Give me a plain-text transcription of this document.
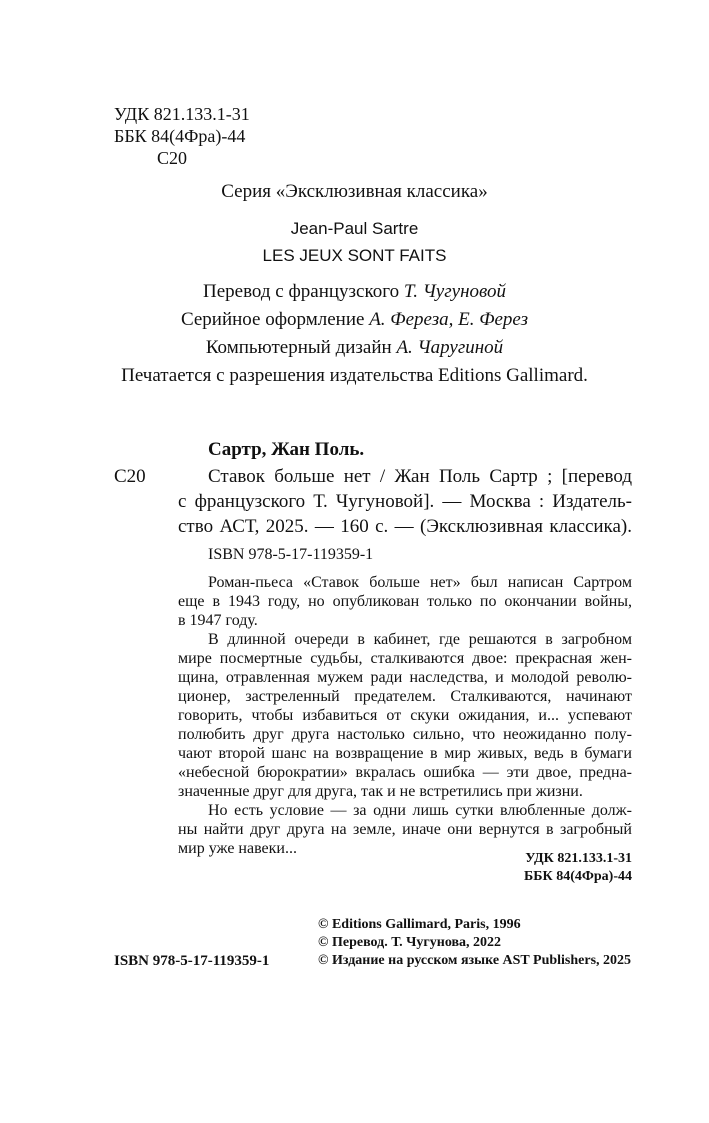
УДК 821.133.1-31
ББК 84(4Фра)-44
С20
Серия «Эксклюзивная классика»
Jean-Paul Sartre
LES JEUX SONT FAITS
Перевод с французского Т. Чугуновой
Серийное оформление А. Фереза, Е. Ферез
Компьютерный дизайн А. Чаругиной
Печатается с разрешения издательства Editions Gallimard.
Сартр, Жан Поль.
С20	Ставок больше нет / Жан Поль Сартр ; [перевод
с французского Т. Чугуновой]. — Москва : Издатель-
ство АСТ, 2025. — 160 с. — (Эксклюзивная классика).
ISBN 978-5-17-119359-1
Роман-пьеса «Ставок больше нет» был написан Сартром
еще в 1943 году, но опубликован только по окончании войны,
в 1947 году.
В длинной очереди в кабинет, где решаются в загробном
мире посмертные судьбы, сталкиваются двое: прекрасная жен-
щина, отравленная мужем ради наследства, и молодой револю-
ционер, застреленный предателем. Сталкиваются, начинают
говорить, чтобы избавиться от скуки ожидания, и... успевают
полюбить друг друга настолько сильно, что неожиданно полу-
чают второй шанс на возвращение в мир живых, ведь в бумаги
«небесной бюрократии» вкралась ошибка — эти двое, предна-
значенные друг для друга, так и не встретились при жизни.
Но есть условие — за одни лишь сутки влюбленные долж-
ны найти друг друга на земле, иначе они вернутся в загробный
мир уже навеки...
УДК 821.133.1-31
ББК 84(4Фра)-44
© Editions Gallimard, Paris, 1996
© Перевод. Т. Чугунова, 2022
ISBN 978-5-17-119359-1	© Издание на русском языке AST Publishers, 2025
